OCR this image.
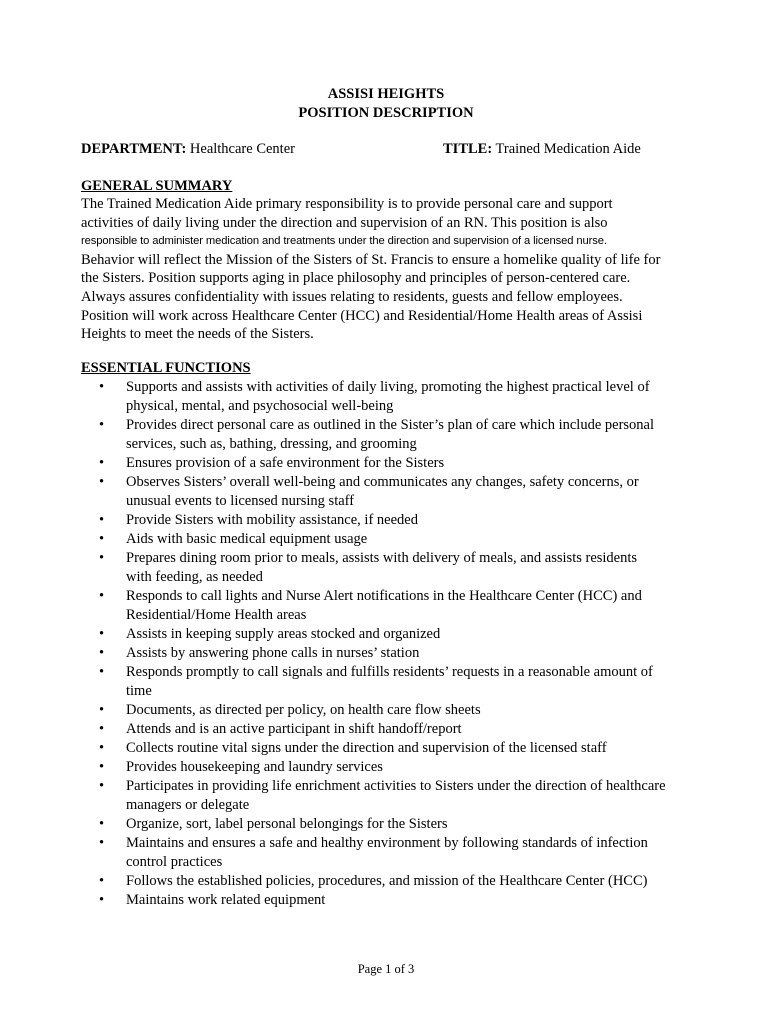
ASSISI HEIGHTS
POSITION DESCRIPTION
DEPARTMENT: Healthcare Center	TITLE: Trained Medication Aide
GENERAL SUMMARY
The Trained Medication Aide primary responsibility is to provide personal care and support
activities of daily living under the direction and supervision of an RN. This position is also
responsible to administer medication and treatments under the direction and supervision of a licensed nurse.
Behavior will reflect the Mission of the Sisters of St. Francis to ensure a homelike quality of life for
the Sisters. Position supports aging in place philosophy and principles of person-centered care.
Always assures confidentiality with issues relating to residents, guests and fellow employees.
Position will work across Healthcare Center (HCC) and Residential/Home Health areas of Assisi
Heights to meet the needs of the Sisters.
ESSENTIAL FUNCTIONS
• Supports and assists with activities of daily living, promoting the highest practical level of
physical, mental, and psychosocial well-being
• Provides direct personal care as outlined in the Sister’s plan of care which include personal
services, such as, bathing, dressing, and grooming
• Ensures provision of a safe environment for the Sisters
• Observes Sisters’ overall well-being and communicates any changes, safety concerns, or
unusual events to licensed nursing staff
• Provide Sisters with mobility assistance, if needed
• Aids with basic medical equipment usage
• Prepares dining room prior to meals, assists with delivery of meals, and assists residents
with feeding, as needed
• Responds to call lights and Nurse Alert notifications in the Healthcare Center (HCC) and
Residential/Home Health areas
• Assists in keeping supply areas stocked and organized
• Assists by answering phone calls in nurses’ station
• Responds promptly to call signals and fulfills residents’ requests in a reasonable amount of
time
• Documents, as directed per policy, on health care flow sheets
• Attends and is an active participant in shift handoff/report
• Collects routine vital signs under the direction and supervision of the licensed staff
• Provides housekeeping and laundry services
• Participates in providing life enrichment activities to Sisters under the direction of healthcare
managers or delegate
• Organize, sort, label personal belongings for the Sisters
• Maintains and ensures a safe and healthy environment by following standards of infection
control practices
• Follows the established policies, procedures, and mission of the Healthcare Center (HCC)
• Maintains work related equipment
Page 1 of 3
